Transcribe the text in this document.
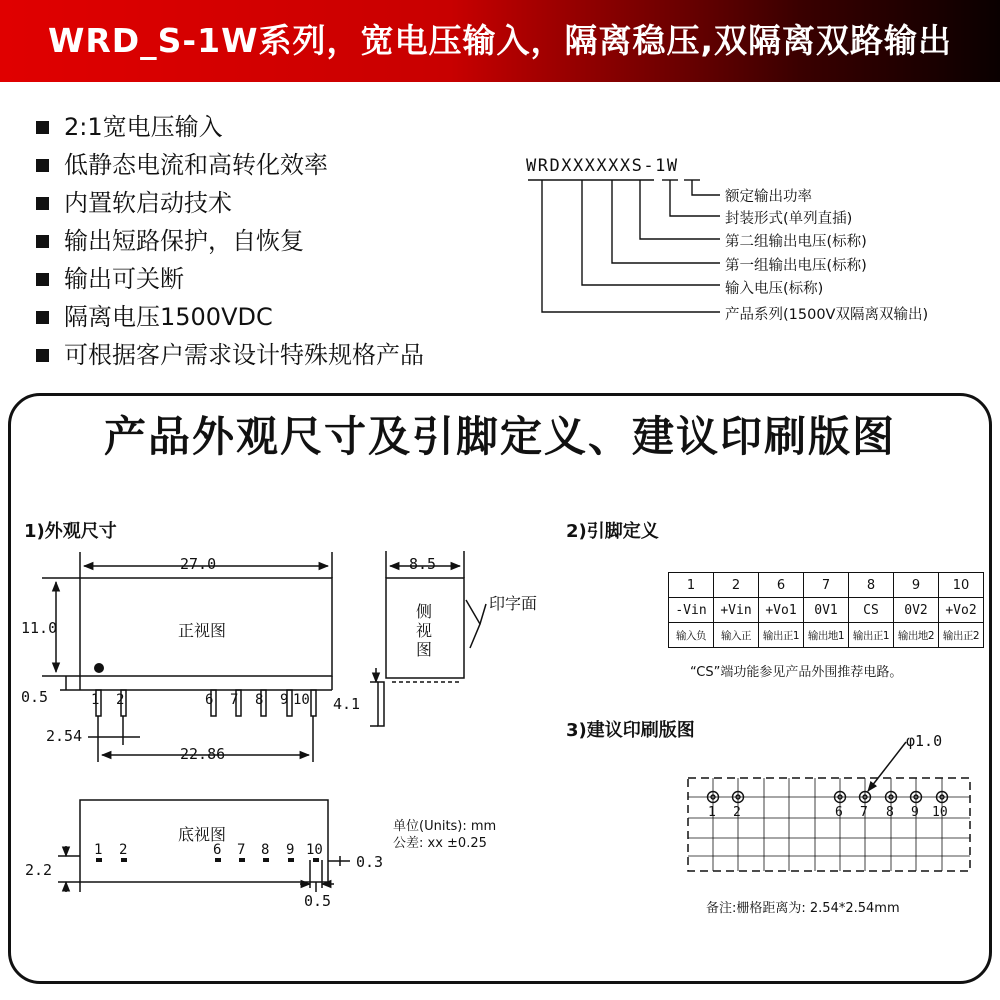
WRD_S-1W系列，宽电压输入，隔离稳压,双隔离双路输出
2:1宽电压输入
低静态电流和高转化效率
内置软启动技术
输出短路保护，自恢复
输出可关断
隔离电压1500VDC
可根据客户需求设计特殊规格产品
WRDXXXXXXS-1W
额定输出功率
封装形式(单列直插)
第二组输出电压(标称)
第一组输出电压(标称)
输入电压(标称)
产品系列(1500V双隔离双输出)
产品外观尺寸及引脚定义、建议印刷版图
1)外观尺寸
27.0
11.0	正视图
0.5	1 2	6 7 8 9 10
2.54
22.86
8.5
侧
视
图
印字面
4.1
底视图
1 2	6 7 8 9 10
2.2	0.3
0.5
单位(Units): mm
公差: xx ±0.25
2)引脚定义
1	2	6	7	8	9	10
-Vin	+Vin	+Vo1	0V1	CS	0V2	+Vo2
输入负	输入正	输出正1	输出地1	输出正1	输出地2	输出正2
“CS”端功能参见产品外围推荐电路。
3)建议印刷版图	φ1.0
1 2	6 7 8 9 10
备注:栅格距离为: 2.54*2.54mm
